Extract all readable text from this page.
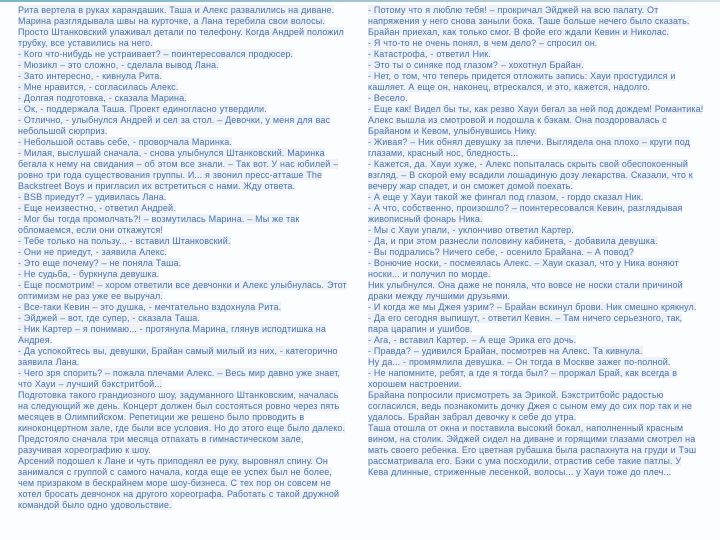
Рита вертела в руках карандашик. Таша и Алекс развалились на диване. Марина разглядывала швы на курточке, а Лана теребила свои волосы. Просто Штанковский улаживал детали по телефону. Когда Андрей положил трубку, все уставились на него.

- Кого что-нибудь не устраивает? – поинтересовался продюсер.

- Мюзикл – это сложно, - сделала вывод Лана.

- Зато интересно, - кивнула Рита.

- Мне нравится, - согласилась Алекс.

- Долгая подготовка, - сказала Марина.

- Ок, - поддержала Таша. Проект единогласно утвердили.

- Отлично, - улыбнулся Андрей и сел за стол. – Девочки, у меня для вас небольшой сюрприз.

- Небольшой оставь себе, - проворчала Маринка.

- Милая, выслушай сначала, - снова улыбнулся Штанковский. Маринка бегала к нему на свидания – об этом все знали. – Так вот. У нас юбилей – ровно три года существования группы. И... я звонил пресс-атташе The Backstreet Boys и пригласил их встретиться с нами. Жду ответа.

- BSB приедут? – удивилась Лана.

- Еще неизвестно, - ответил Андрей.

- Мог бы тогда промолчать?! – возмутилась Марина. – Мы же так обломаемся, если они откажутся!

- Тебе только на пользу... - вставил Штанковский.

- Они не приедут, - заявила Алекс.

- Это еще почему? – не поняла Таша.

- Не судьба, - буркнула девушка.

- Еще посмотрим! – хором ответили все девчонки и Алекс улыбнулась. Этот оптимизм не раз уже ее выручал.

- Все-таки Кевин – это душка, - мечтательно вздохнула Рита.

- Эйджей – вот, где супер, - сказала Таша.

- Ник Картер – я понимаю... - протянула Марина, глянув исподтишка на Андрея.

- Да успокойтесь вы, девушки, Брайан самый милый из них, - категорично заявила Лана.

- Чего зря спорить? – пожала плечами Алекс. – Весь мир давно уже знает, что Хауи – лучший бэкстритбой...

Подготовка такого грандиозного шоу, задуманного Штанковским, началась на следующий же день. Концерт должен был состояться ровно через пять месяцев в Олимпийском. Репетиции же решено было проводить в киноконцертном зале, где были все условия. Но до этого еще было далеко. Предстояло сначала три месяца отпахать в гимнастическом зале, разучивая хореографию к шоу.

Арсений подошел к Лане и чуть приподнял ее руку, выровнял спину. Он занимался с группой с самого начала, когда еще ее успех был не более, чем призраком в бескрайнем море шоу-бизнеса. С тех пор он совсем не хотел бросать девчонок на другого хореографа. Работать с такой дружной командой было одно удовольствие.

- Потому что я люблю тебя! – прокричал Эйджей на всю палату. От напряжения у него снова заныли бока. Таше больше нечего было сказать.

Брайан приехал, как только смог. В фойе его ждали Кевин и Николас.

- Я что-то не очень понял, в чем дело? – спросил он.

- Катастрофа, - ответил Ник.

- Это ты о синяке под глазом? – хохотнул Брайан.

- Нет, о том, что теперь придется отложить запись: Хауи простудился и кашляет. А еще он, наконец, втрескался, и это, кажется, надолго.

- Весело.

- Еще как! Видел бы ты, как резво Хауи бегал за ней под дождем! Романтика!

Алекс вышла из смотровой и подошла к бэкам. Она поздоровалась с Брайаном и Кевом, улыбнувшись Нику.

- Живая? – Ник обнял девушку за плечи. Выглядела она плохо – круги под глазами, красный нос, бледность...

- Кажется, да. Хауи хуже, - Алекс попыталась скрыть свой обеспокоенный взгляд. – В скорой ему всадили лошадиную дозу лекарства. Сказали, что к вечеру жар спадет, и он сможет домой поехать.

- А еще у Хауи такой же фингал под глазом, - гордо сказал Ник.

- А что, собственно, произошло? – поинтересовался Кевин, разглядывая живописный фонарь Ника.

- Мы с Хауи упали, - уклончиво ответил Картер.

- Да, и при этом разнесли половину кабинета, - добавила девушка.

- Вы подрались? Ничего себе, - осенило Брайана. – А повод?

- Вонючие носки, - посмеялась Алекс. – Хауи сказал, что у Ника воняют носки... и получил по морде.

Ник улыбнулся. Она даже не поняла, что вовсе не носки стали причиной драки между лучшими друзьями.

- И когда же мы Джея узрим? – Брайан вскинул брови. Ник смешно крякнул.

- Да его сегодня выпишут, - ответил Кевин. – Там ничего серьезного, так, пара царапин и ушибов.

- Ага, - вставил Картер. – А еще Эрика его дочь.

- Правда? – удивился Брайан, посмотрев на Алекс. Та кивнула.

Ну да... - промямлила девушка. – Он тогда в Москве зажег по-полной.

- Не напомните, ребят, а где я тогда был? – проржал Брай, как всегда в хорошем настроении.

Брайана попросили присмотреть за Эрикой. Бэкстритбойс радостью согласился, ведь познакомить дочку Джея с сыном ему до сих пор так и не удалось. Брайан забрал девочку к себе до утра.

Таша отошла от окна и поставила высокий бокал, наполненный красным вином, на столик. Эйджей сидел на диване и горящими глазами смотрел на мать своего ребенка. Его цветная рубашка была распахнута на груди и Тэш рассматривала его. Бэки с ума посходили, отрастив себе такие патлы. У Кева длинные, стриженные лесенкой, волосы... у Хауи тоже до плеч...
